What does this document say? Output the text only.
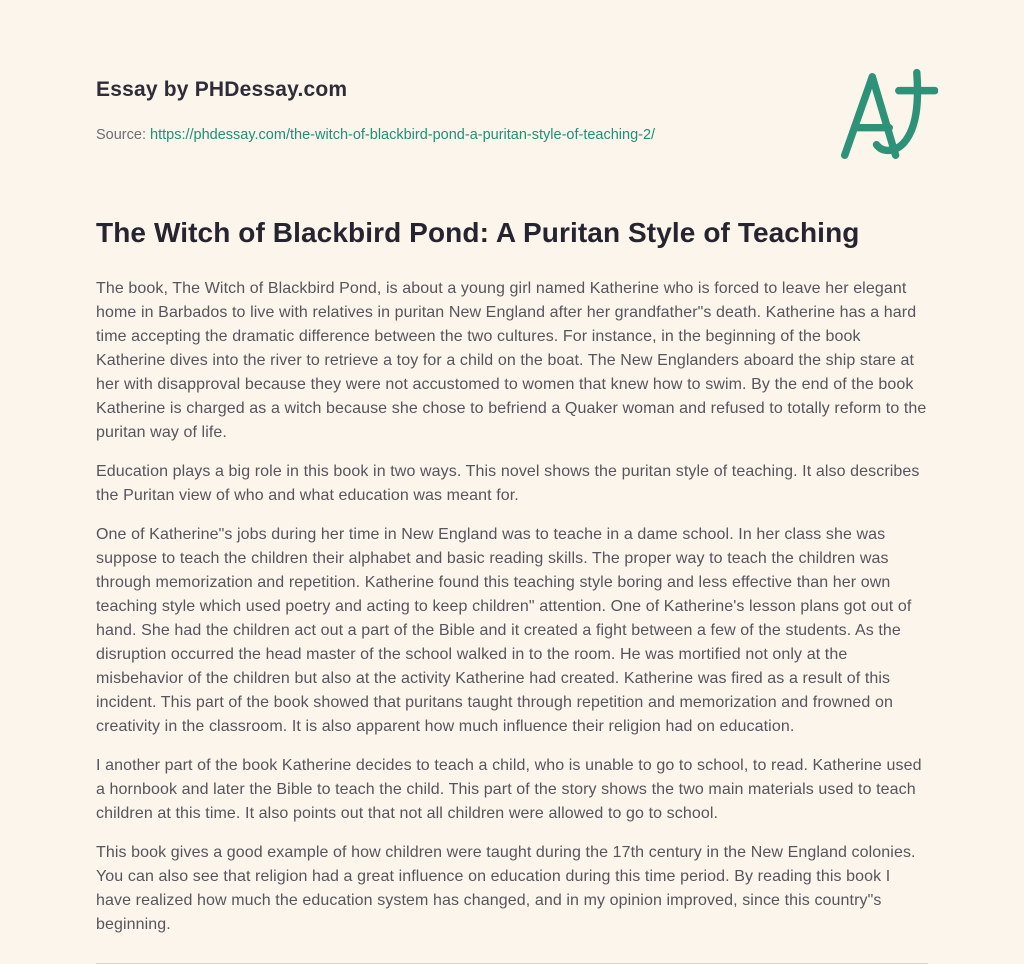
Essay by PHDessay.com
Source: https://phdessay.com/the-witch-of-blackbird-pond-a-puritan-style-of-teaching-2/
The Witch of Blackbird Pond: A Puritan Style of Teaching

The book, The Witch of Blackbird Pond, is about a young girl named Katherine who is forced to leave her elegant home in Barbados to live with relatives in puritan New England after her grandfather"s death. Katherine has a hard time accepting the dramatic difference between the two cultures. For instance, in the beginning of the book Katherine dives into the river to retrieve a toy for a child on the boat. The New Englanders aboard the ship stare at her with disapproval because they were not accustomed to women that knew how to swim. By the end of the book Katherine is charged as a witch because she chose to befriend a Quaker woman and refused to totally reform to the puritan way of life.

Education plays a big role in this book in two ways. This novel shows the puritan style of teaching. It also describes the Puritan view of who and what education was meant for.

One of Katherine"s jobs during her time in New England was to teache in a dame school. In her class she was suppose to teach the children their alphabet and basic reading skills. The proper way to teach the children was through memorization and repetition. Katherine found this teaching style boring and less effective than her own teaching style which used poetry and acting to keep children" attention. One of Katherine's lesson plans got out of hand. She had the children act out a part of the Bible and it created a fight between a few of the students. As the disruption occurred the head master of the school walked in to the room. He was mortified not only at the misbehavior of the children but also at the activity Katherine had created. Katherine was fired as a result of this incident. This part of the book showed that puritans taught through repetition and memorization and frowned on creativity in the classroom. It is also apparent how much influence their religion had on education.

I another part of the book Katherine decides to teach a child, who is unable to go to school, to read. Katherine used a hornbook and later the Bible to teach the child. This part of the story shows the two main materials used to teach children at this time. It also points out that not all children were allowed to go to school.

This book gives a good example of how children were taught during the 17th century in the New England colonies. You can also see that religion had a great influence on education during this time period. By reading this book I have realized how much the education system has changed, and in my opinion improved, since this country"s beginning.
